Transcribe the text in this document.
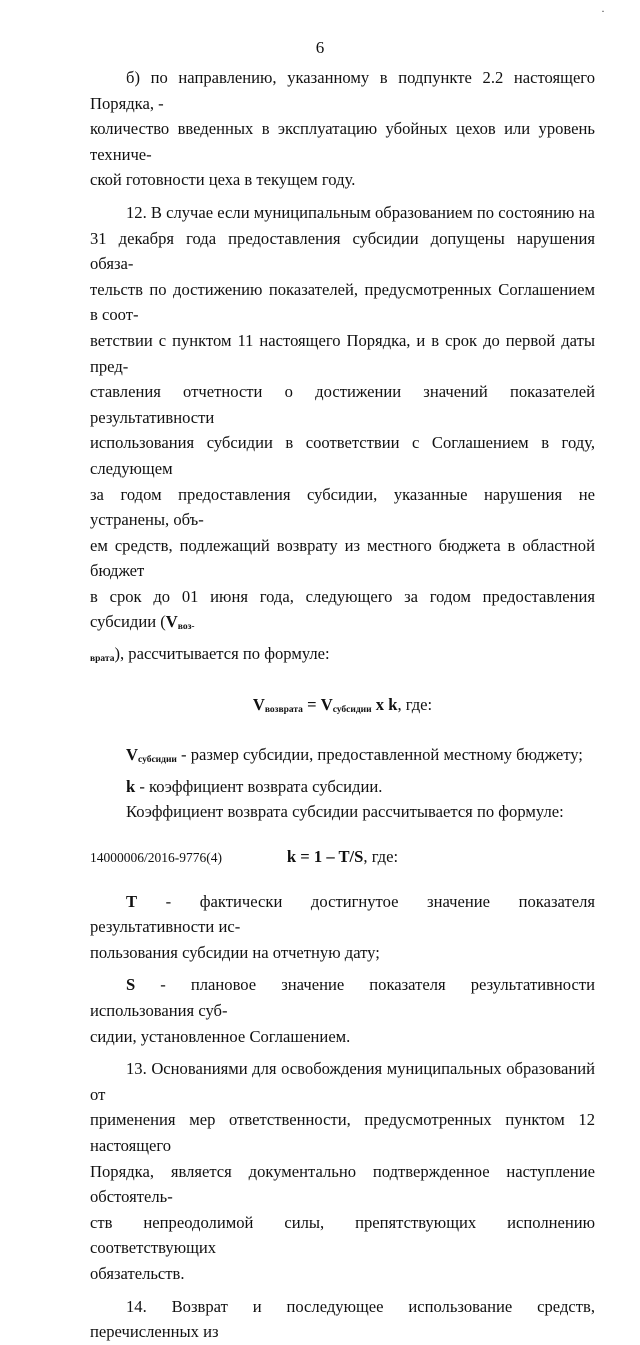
·
6

б) по направлению, указанному в подпункте 2.2 настоящего Порядка, -

количество введенных в эксплуатацию убойных цехов или уровень техниче-

ской готовности цеха в текущем году.

12. В случае если муниципальным образованием по состоянию на

31 декабря года предоставления субсидии допущены нарушения обяза-

тельств по достижению показателей, предусмотренных Соглашением в соот-

ветствии с пунктом 11 настоящего Порядка, и в срок до первой даты пред-

ставления отчетности о достижении значений показателей результативности

использования субсидии в соответствии с Соглашением в году, следующем

за годом предоставления субсидии, указанные нарушения не устранены, объ-

ем средств, подлежащий возврату из местного бюджета в областной бюджет

в срок до 01 июня года, следующего за годом предоставления субсидии ($V_{воз-}$

$_{врата}$), рассчитывается по формуле:

$V_{возврата} = V_{субсидии}$ x k, где:

$V_{субсидии}$ - размер субсидии, предоставленной местному бюджету;

k - коэффициент возврата субсидии.

Коэффициент возврата субсидии рассчитывается по формуле:

k = 1 – T/S, где:

T - фактически достигнутое значение показателя результативности ис-

пользования субсидии на отчетную дату;

S - плановое значение показателя результативности использования суб-

сидии, установленное Соглашением.

13. Основаниями для освобождения муниципальных образований от

применения мер ответственности, предусмотренных пунктом 12 настоящего

Порядка, является документально подтвержденное наступление обстоятель-

ств непреодолимой силы, препятствующих исполнению соответствующих

обязательств.

14. Возврат и последующее использование средств, перечисленных из

14000006/2016-9776(4)
